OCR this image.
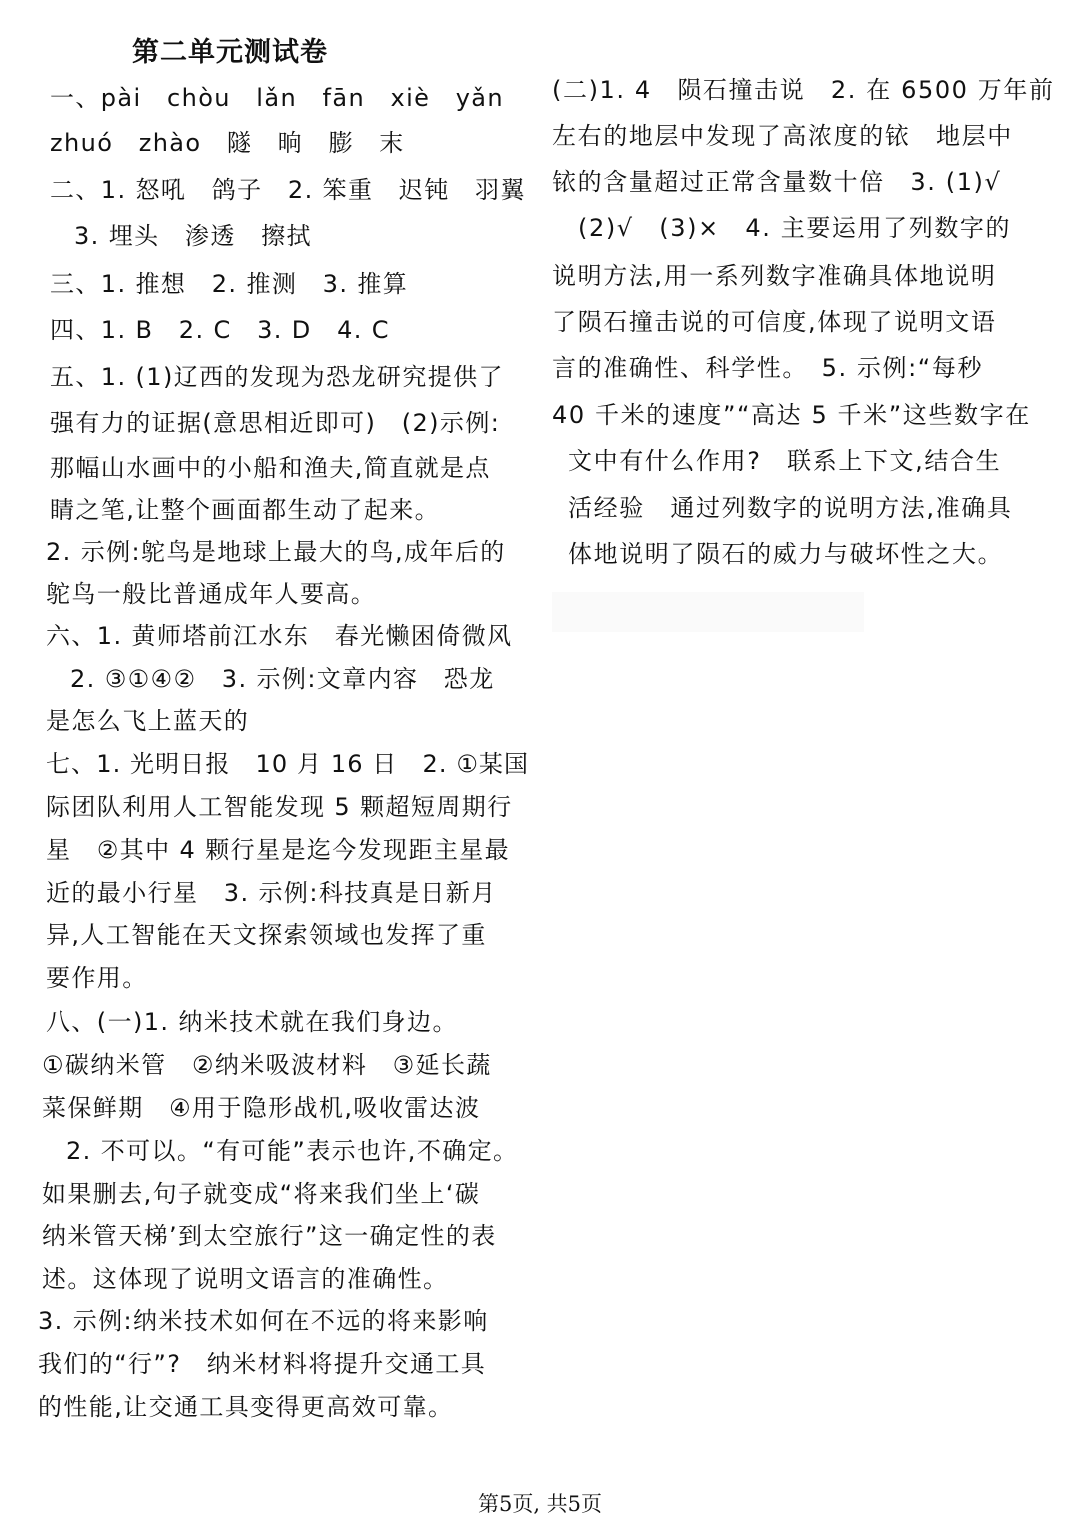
第二单元测试卷
一、pài　chòu　lǎn　fān　xiè　yǎn
zhuó　zhào　隧　晌　膨　末
二、1. 怒吼　鸽子　2. 笨重　迟钝　羽翼
3. 埋头　渗透　擦拭
三、1. 推想　2. 推测　3. 推算
四、1. B　2. C　3. D　4. C
五、1. (1)辽西的发现为恐龙研究提供了
强有力的证据(意思相近即可)　(2)示例:
那幅山水画中的小船和渔夫,简直就是点
睛之笔,让整个画面都生动了起来。
2. 示例:鸵鸟是地球上最大的鸟,成年后的
鸵鸟一般比普通成年人要高。
六、1. 黄师塔前江水东　春光懒困倚微风
2. ③①④②　3. 示例:文章内容　恐龙
是怎么飞上蓝天的
七、1. 光明日报　10 月 16 日　2. ①某国
际团队利用人工智能发现 5 颗超短周期行
星　②其中 4 颗行星是迄今发现距主星最
近的最小行星　3. 示例:科技真是日新月
异,人工智能在天文探索领域也发挥了重
要作用。
八、(一)1. 纳米技术就在我们身边。
①碳纳米管　②纳米吸波材料　③延长蔬
菜保鲜期　④用于隐形战机,吸收雷达波
2. 不可以。“有可能”表示也许,不确定。
如果删去,句子就变成“将来我们坐上‘碳
纳米管天梯’到太空旅行”这一确定性的表
述。这体现了说明文语言的准确性。
3. 示例:纳米技术如何在不远的将来影响
我们的“行”?　纳米材料将提升交通工具
的性能,让交通工具变得更高效可靠。
(二)1. 4　陨石撞击说　2. 在 6500 万年前
左右的地层中发现了高浓度的铱　地层中
铱的含量超过正常含量数十倍　3. (1)√
(2)√　(3)×　4. 主要运用了列数字的
说明方法,用一系列数字准确具体地说明
了陨石撞击说的可信度,体现了说明文语
言的准确性、科学性。　5. 示例:“每秒
40 千米的速度”“高达 5 千米”这些数字在
文中有什么作用?　联系上下文,结合生
活经验　通过列数字的说明方法,准确具
体地说明了陨石的威力与破坏性之大。
第5页, 共5页
